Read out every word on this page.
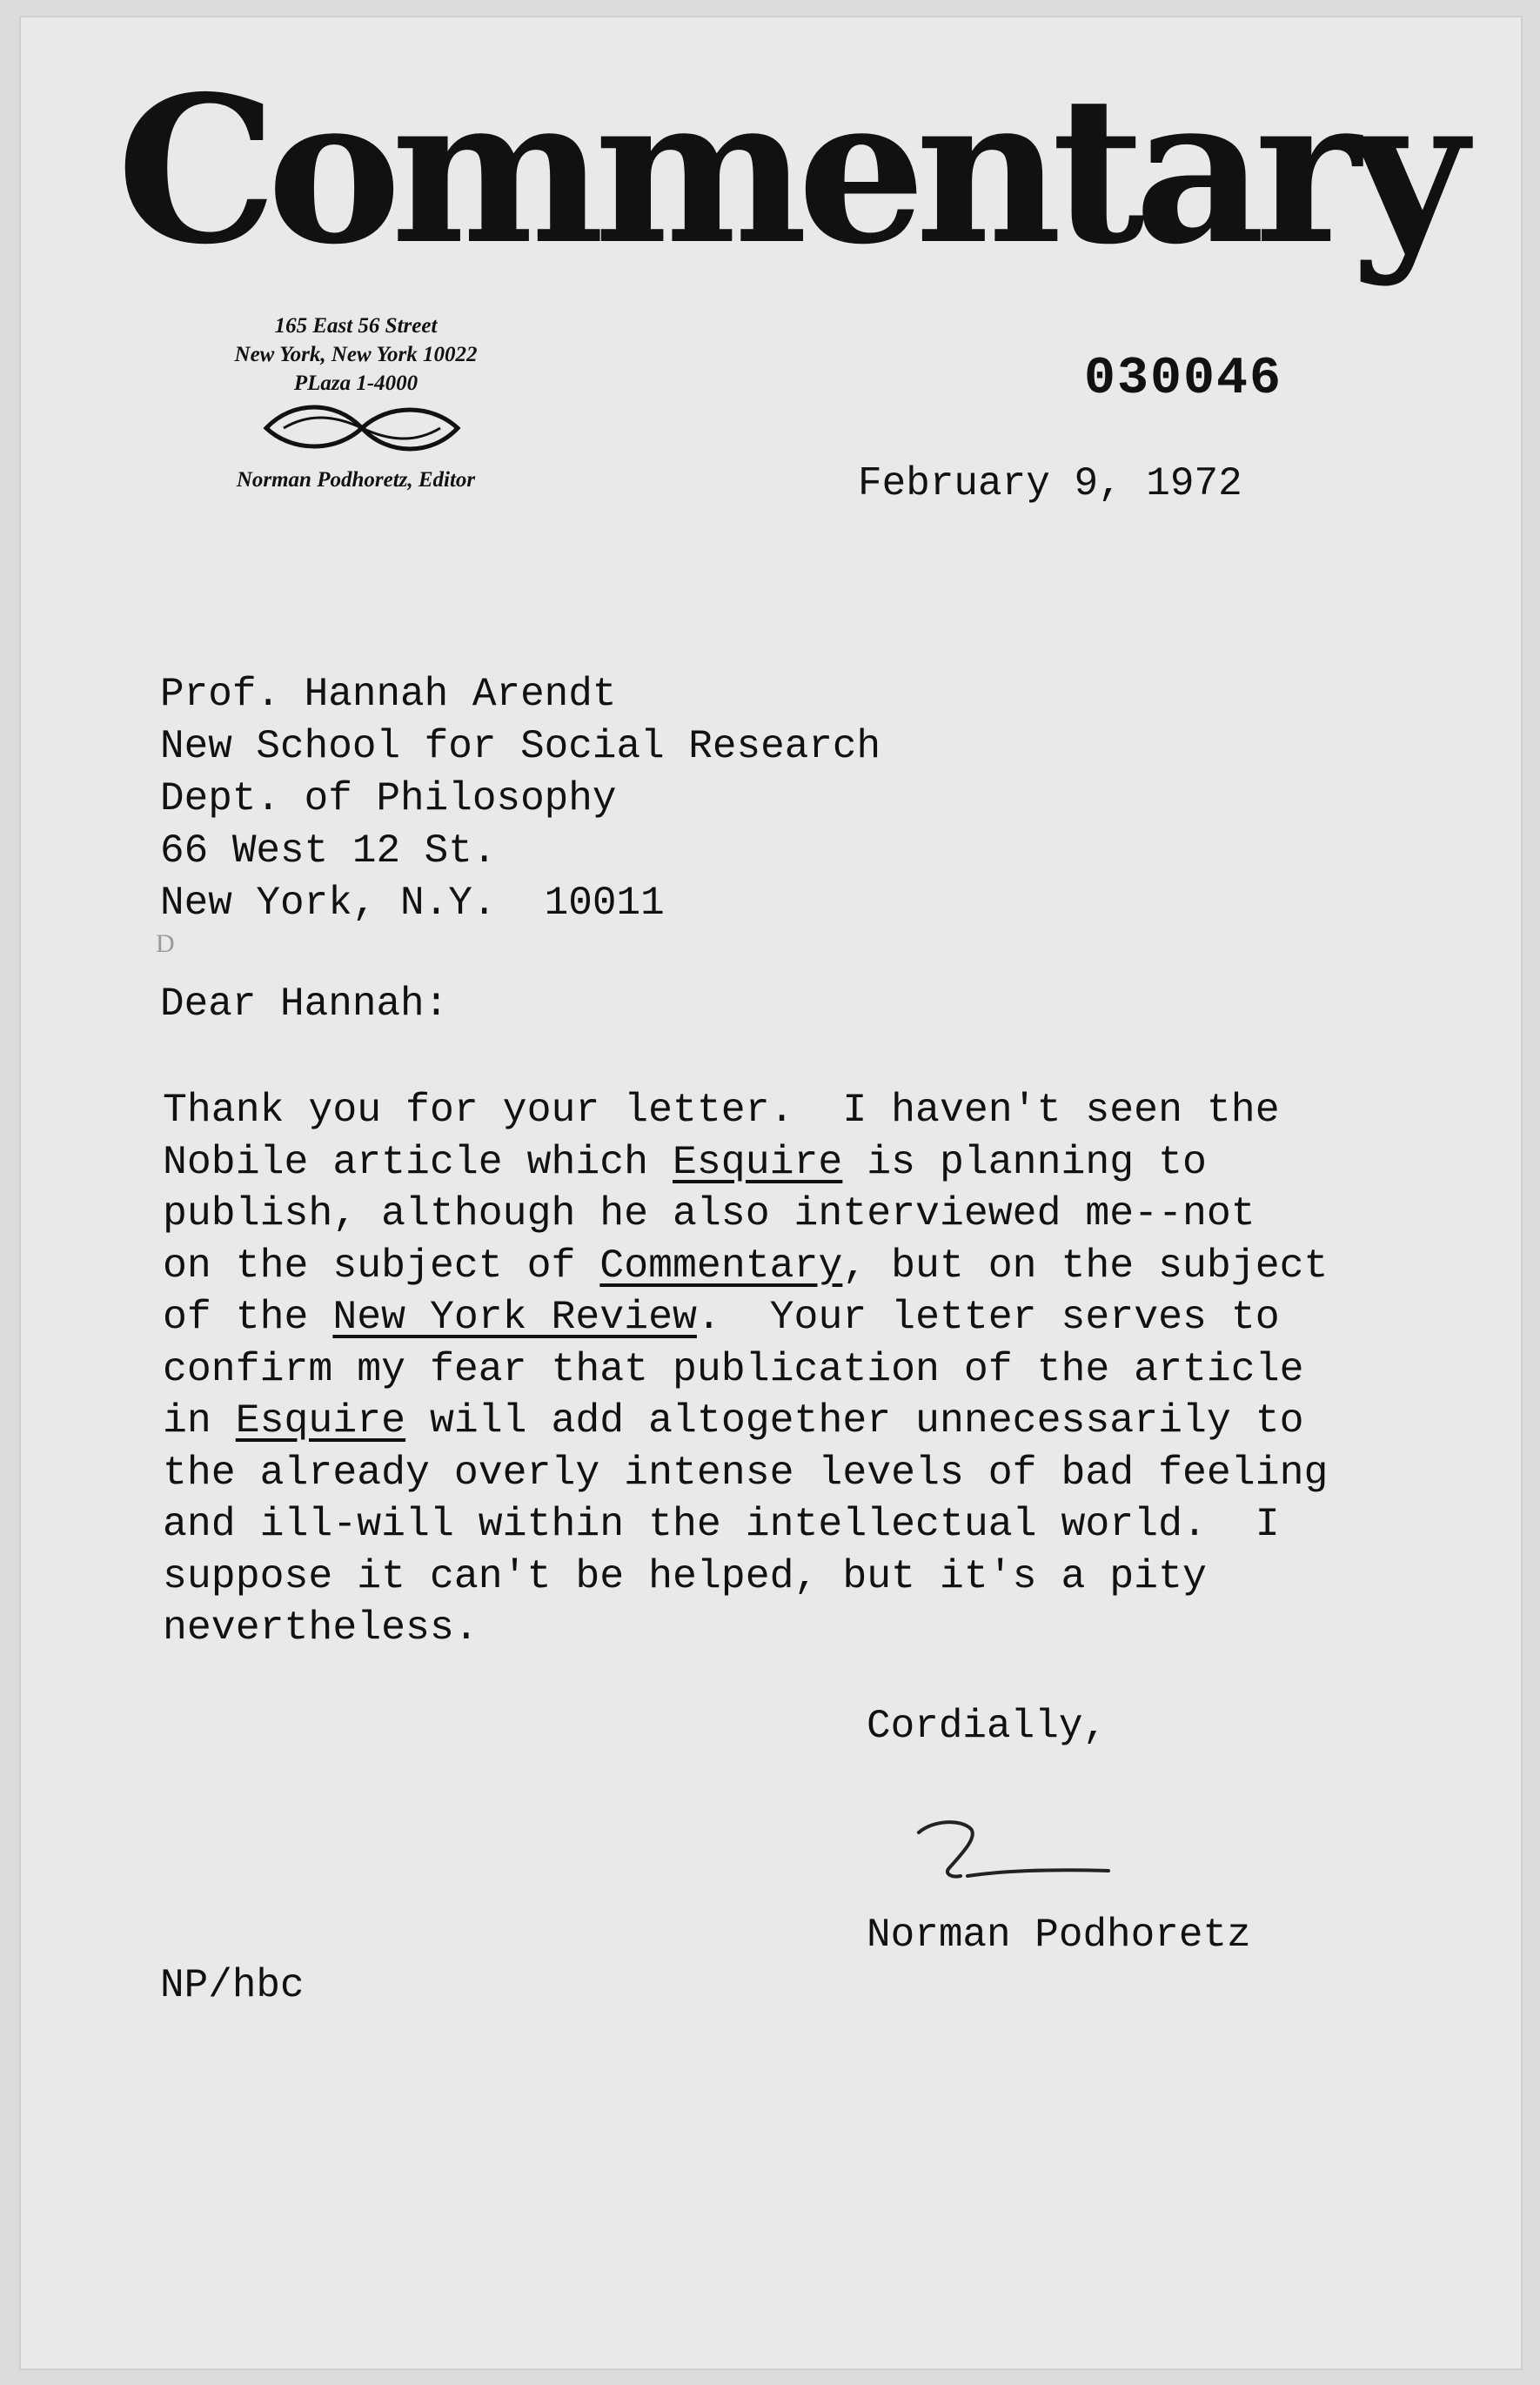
Commentary
165 East 56 Street
New York, New York 10022
PLaza 1-4000
Norman Podhoretz, Editor
030046
February 9, 1972
Prof. Hannah Arendt
New School for Social Research
Dept. of Philosophy
66 West 12 St.
New York, N.Y.  10011
D
Dear Hannah:
Thank you for your letter.  I haven't seen the
Nobile article which Esquire is planning to
publish, although he also interviewed me--not
on the subject of Commentary, but on the subject
of the New York Review.  Your letter serves to
confirm my fear that publication of the article
in Esquire will add altogether unnecessarily to
the already overly intense levels of bad feeling
and ill-will within the intellectual world.  I
suppose it can't be helped, but it's a pity
nevertheless.
Cordially,
Norman Podhoretz
NP/hbc
